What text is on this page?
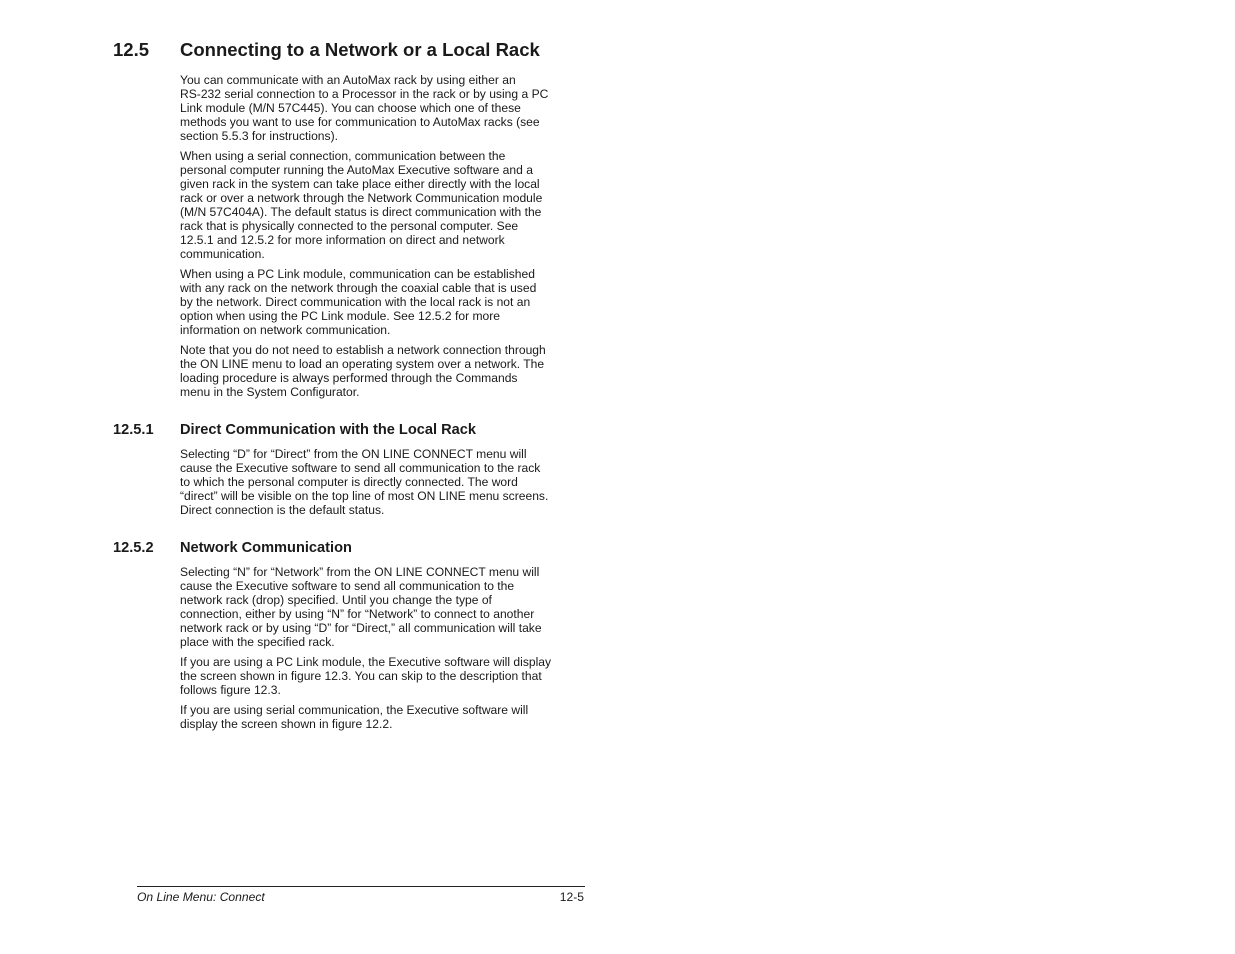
12.5 Connecting to a Network or a Local Rack
You can communicate with an AutoMax rack by using either an
RS-232 serial connection to a Processor in the rack or by using a PC
Link module (M/N 57C445). You can choose which one of these
methods you want to use for communication to AutoMax racks (see
section 5.5.3 for instructions).
When using a serial connection, communication between the
personal computer running the AutoMax Executive software and a
given rack in the system can take place either directly with the local
rack or over a network through the Network Communication module
(M/N 57C404A). The default status is direct communication with the
rack that is physically connected to the personal computer. See
12.5.1 and 12.5.2 for more information on direct and network
communication.
When using a PC Link module, communication can be established
with any rack on the network through the coaxial cable that is used
by the network. Direct communication with the local rack is not an
option when using the PC Link module. See 12.5.2 for more
information on network communication.
Note that you do not need to establish a network connection through
the ON LINE menu to load an operating system over a network. The
loading procedure is always performed through the Commands
menu in the System Configurator.
12.5.1 Direct Communication with the Local Rack
Selecting “D” for “Direct” from the ON LINE CONNECT menu will
cause the Executive software to send all communication to the rack
to which the personal computer is directly connected. The word
“direct” will be visible on the top line of most ON LINE menu screens.
Direct connection is the default status.
12.5.2 Network Communication
Selecting “N” for “Network” from the ON LINE CONNECT menu will
cause the Executive software to send all communication to the
network rack (drop) specified. Until you change the type of
connection, either by using “N” for “Network” to connect to another
network rack or by using “D” for “Direct,” all communication will take
place with the specified rack.
If you are using a PC Link module, the Executive software will display
the screen shown in figure 12.3. You can skip to the description that
follows figure 12.3.
If you are using serial communication, the Executive software will
display the screen shown in figure 12.2.
On Line Menu: Connect	12-5
